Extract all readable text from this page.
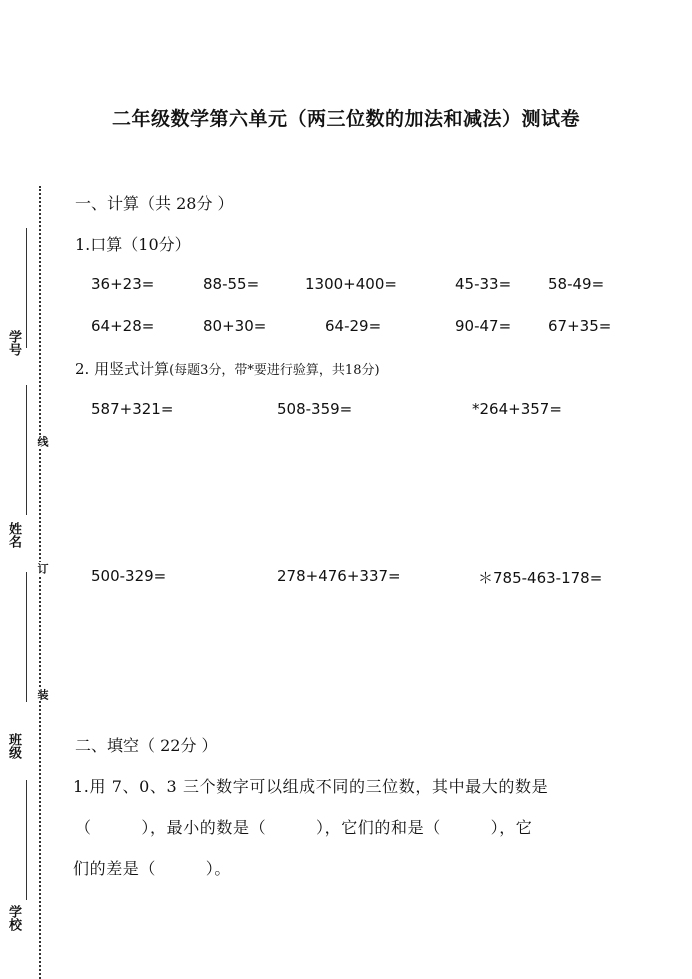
学号
姓名
班级
学校
线
订
装
二年级数学第六单元（两三位数的加法和减法）测试卷
一、计算（共 28分 ）
1.口算（10分）
36+23=	88-55=	1300+400=	45-33= 58-49=
64+28=	80+30=	64-29=	90-47= 67+35=
2. 用竖式计算(每题3分，带*要进行验算，共18分)
587+321=	508-359=	*264+357=
500-329=	278+476+337=	＊785-463-178=
二、填空（ 22分 ）
1.用 7、0、3 三个数字可以组成不同的三位数，其中最大的数是
（　　　），最小的数是（　　　），它们的和是（　　　），它
们的差是（　　　）。
